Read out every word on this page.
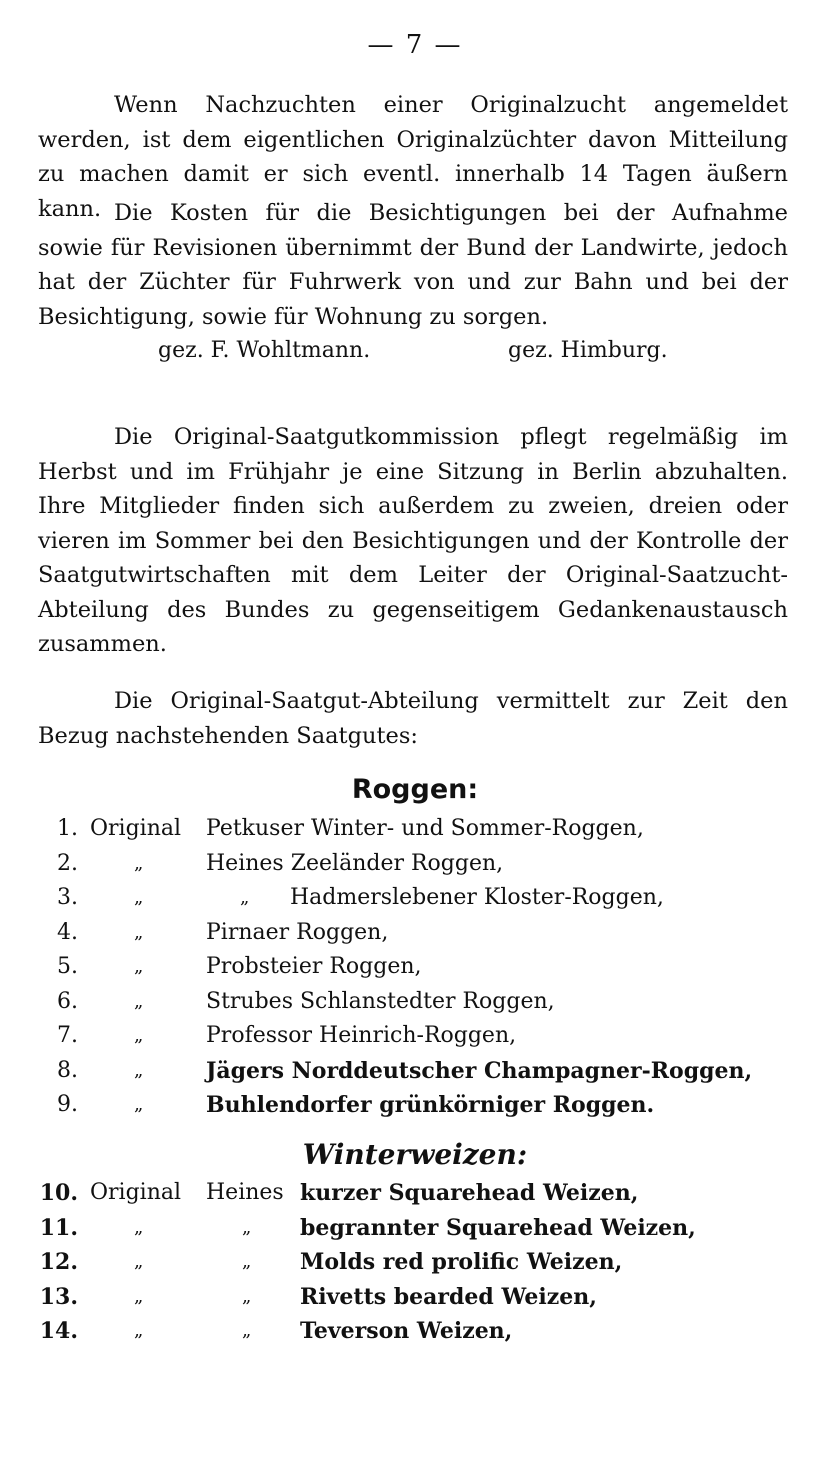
— 7 —
Wenn Nachzuchten einer Originalzucht angemeldet werden, ist dem eigentlichen Originalzüchter davon Mitteilung zu machen damit er sich eventl. innerhalb 14 Tagen äußern kann. Die Kosten für die Besichtigungen bei der Aufnahme sowie für Revisionen übernimmt der Bund der Landwirte, jedoch hat der Züchter für Fuhrwerk von und zur Bahn und bei der Besichtigung, sowie für Wohnung zu sorgen.
gez. F. Wohltmann.	gez. Himburg.
Die Original-Saatgutkommission pflegt regelmäßig im Herbst und im Frühjahr je eine Sitzung in Berlin abzuhalten. Ihre Mitglieder finden sich außerdem zu zweien, dreien oder vieren im Sommer bei den Besichtigungen und der Kontrolle der Saatgutwirtschaften mit dem Leiter der Original-Saatzucht-Abteilung des Bundes zu gegenseitigem Gedankenaustausch zusammen.
Die Original-Saatgut-Abteilung vermittelt zur Zeit den Bezug nachstehenden Saatgutes:
Roggen:
1. Original Petkuser Winter- und Sommer-Roggen,
2.	„	Heines Zeeländer Roggen,
3.	„	„ Hadmerslebener Kloster-Roggen,
4.	„	Pirnaer Roggen,
5.	„	Probsteier Roggen,
6.	„	Strubes Schlanstedter Roggen,
7.	„	Professor Heinrich-Roggen,
8.	„	Jägers Norddeutscher Champagner-Roggen,
9.	„	Buhlendorfer grünkörniger Roggen.
Winterweizen:
10. Original Heines kurzer Squarehead Weizen,
11.	„	„ begrannter Squarehead Weizen,
12.	„	„ Molds red prolific Weizen,
13.	„	„ Rivetts bearded Weizen,
14.	„	„ Teverson Weizen,
